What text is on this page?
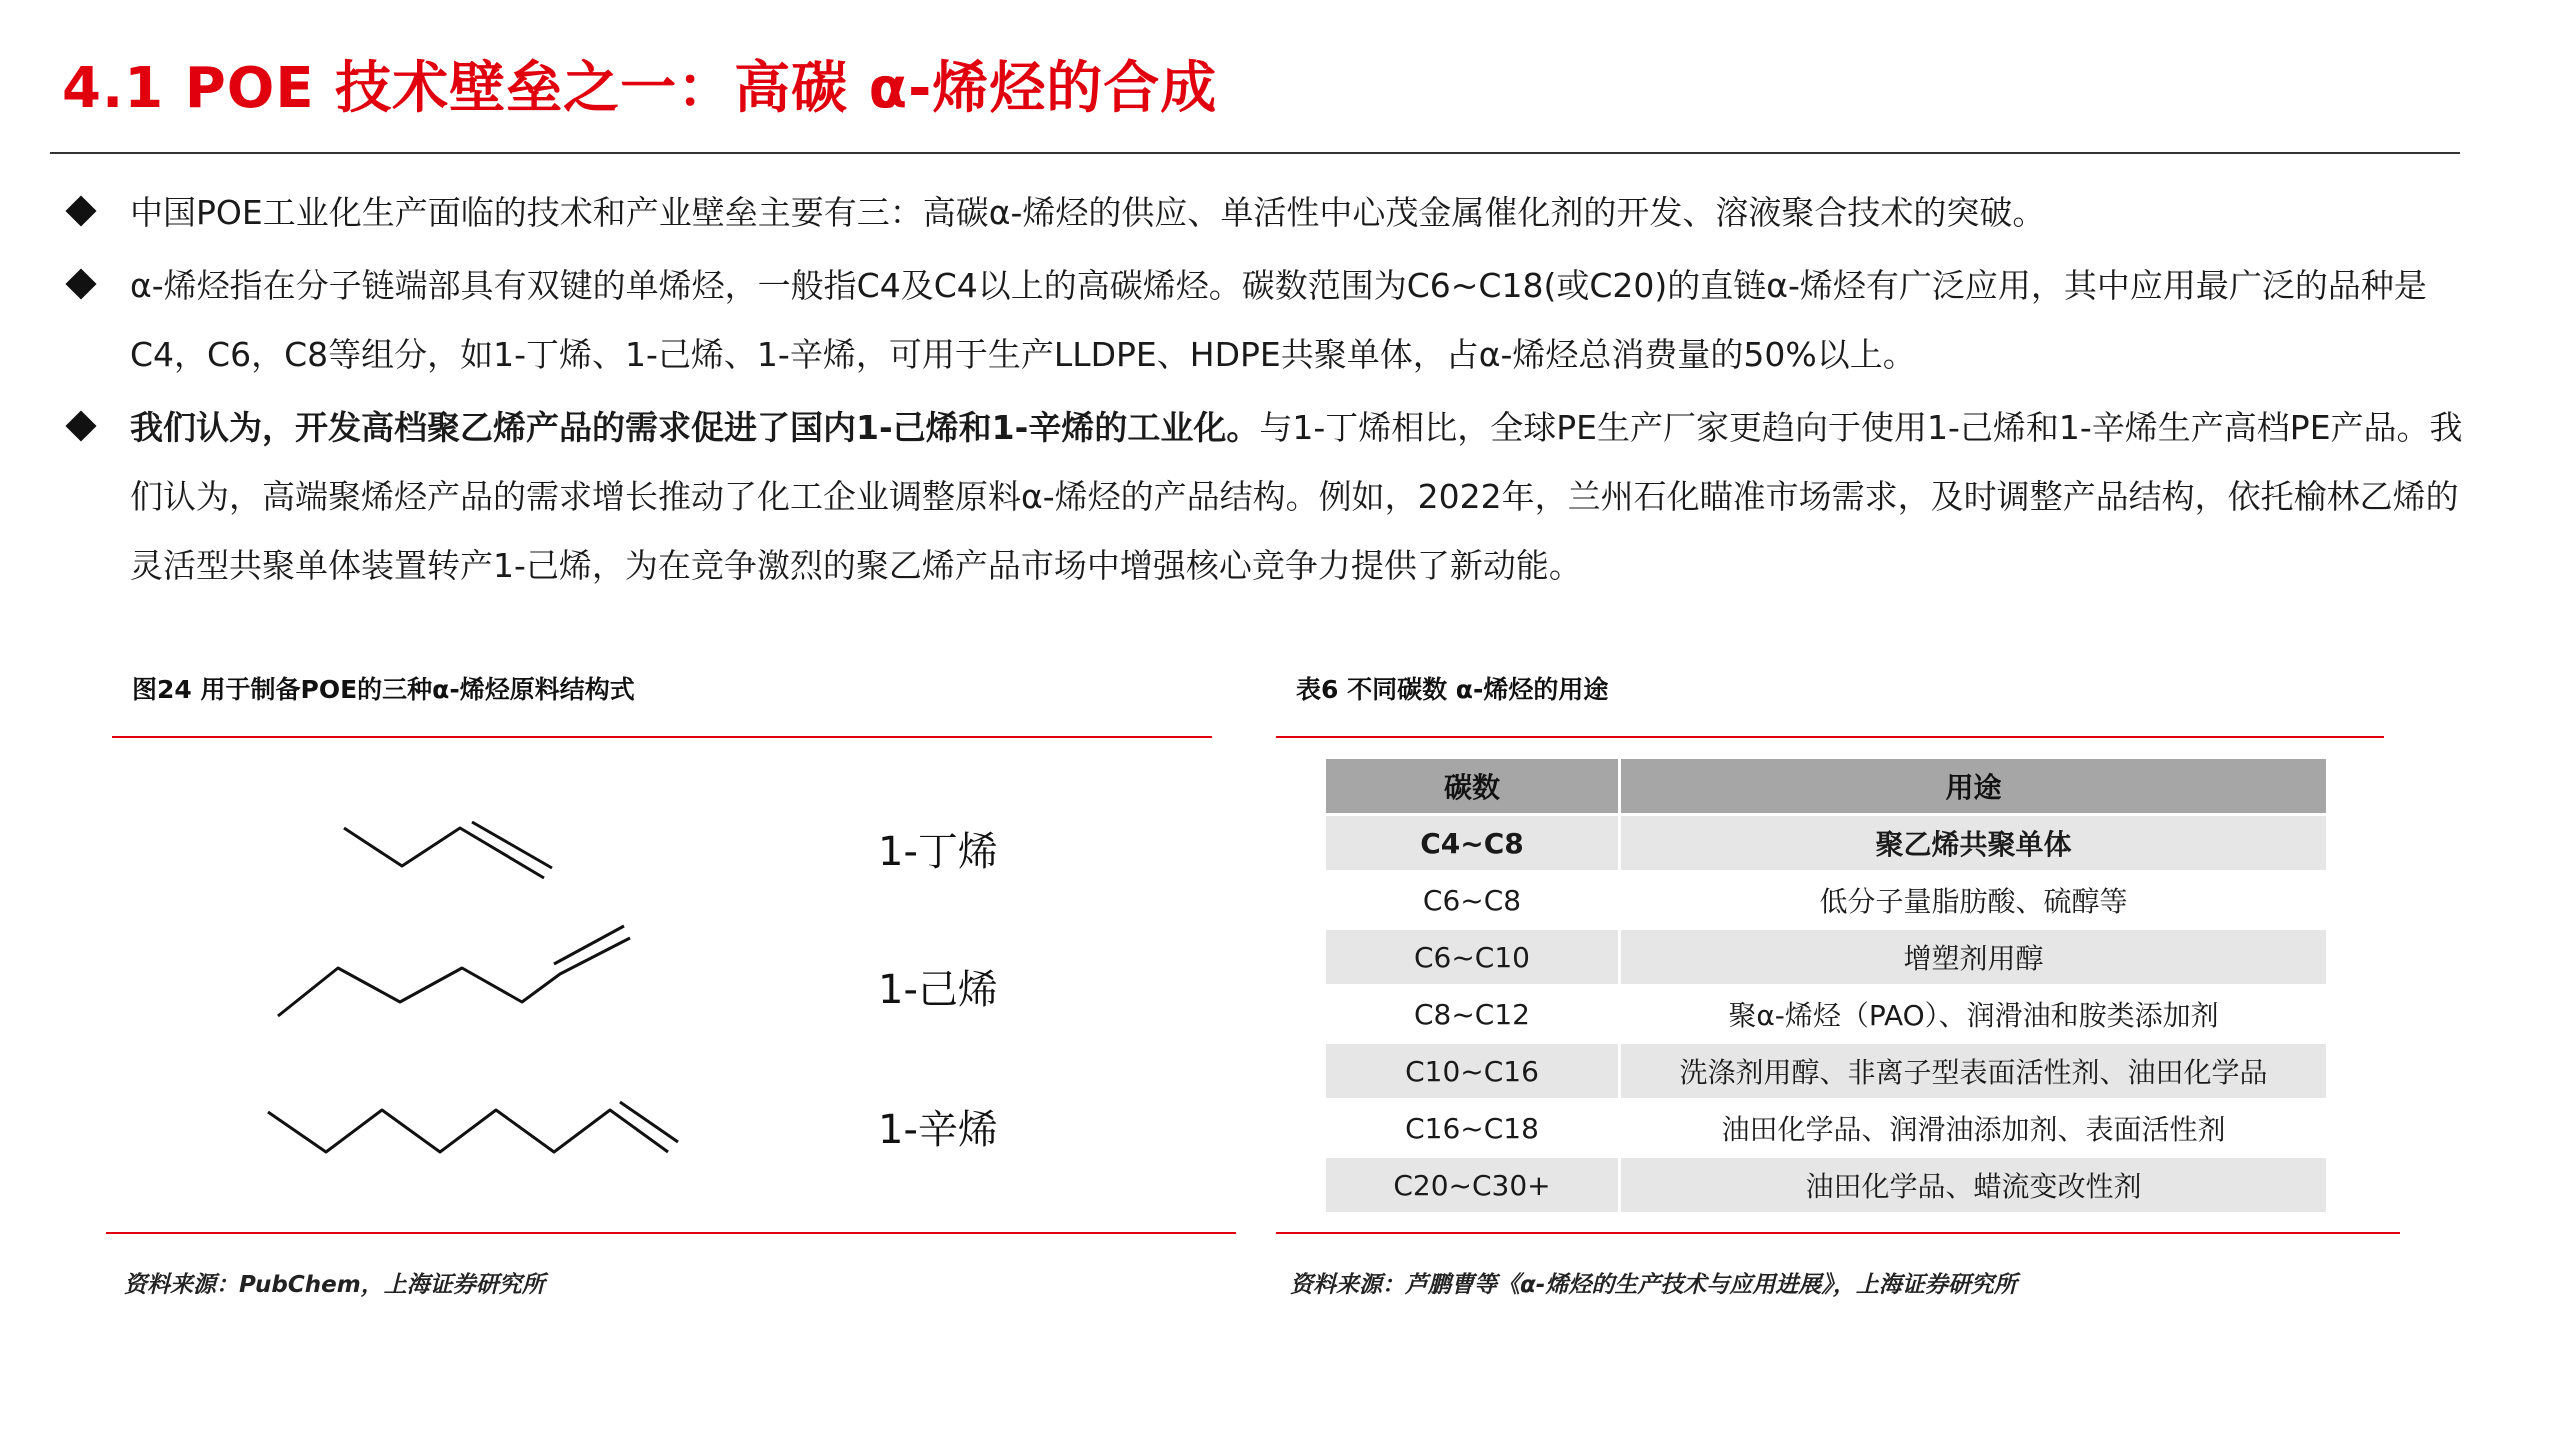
4.1 POE 技术壁垒之一：高碳 α-烯烃的合成
中国POE工业化生产面临的技术和产业壁垒主要有三：高碳α-烯烃的供应、单活性中心茂金属催化剂的开发、溶液聚合技术的突破。
α-烯烃指在分子链端部具有双键的单烯烃，一般指C4及C4以上的高碳烯烃。碳数范围为C6~C18(或C20)的直链α-烯烃有广泛应用，其中应用最广泛的品种是C4，C6，C8等组分，如1-丁烯、1-己烯、1-辛烯，可用于生产LLDPE、HDPE共聚单体，占α-烯烃总消费量的50%以上。
我们认为，开发高档聚乙烯产品的需求促进了国内1-己烯和1-辛烯的工业化。与1-丁烯相比，全球PE生产厂家更趋向于使用1-己烯和1-辛烯生产高档PE产品。我们认为，高端聚烯烃产品的需求增长推动了化工企业调整原料α-烯烃的产品结构。例如，2022年，兰州石化瞄准市场需求，及时调整产品结构，依托榆林乙烯的灵活型共聚单体装置转产1-己烯，为在竞争激烈的聚乙烯产品市场中增强核心竞争力提供了新动能。
图24 用于制备POE的三种α-烯烃原料结构式
1-丁烯
1-己烯
1-辛烯
资料来源：PubChem，上海证券研究所
表6 不同碳数 α-烯烃的用途
碳数	用途
C4~C8	聚乙烯共聚单体
C6~C8	低分子量脂肪酸、硫醇等
C6~C10	增塑剂用醇
C8~C12	聚α-烯烃（PAO）、润滑油和胺类添加剂
C10~C16	洗涤剂用醇、非离子型表面活性剂、油田化学品
C16~C18	油田化学品、润滑油添加剂、表面活性剂
C20~C30+	油田化学品、蜡流变改性剂
资料来源：芦鹏曹等《α-烯烃的生产技术与应用进展》，上海证券研究所
